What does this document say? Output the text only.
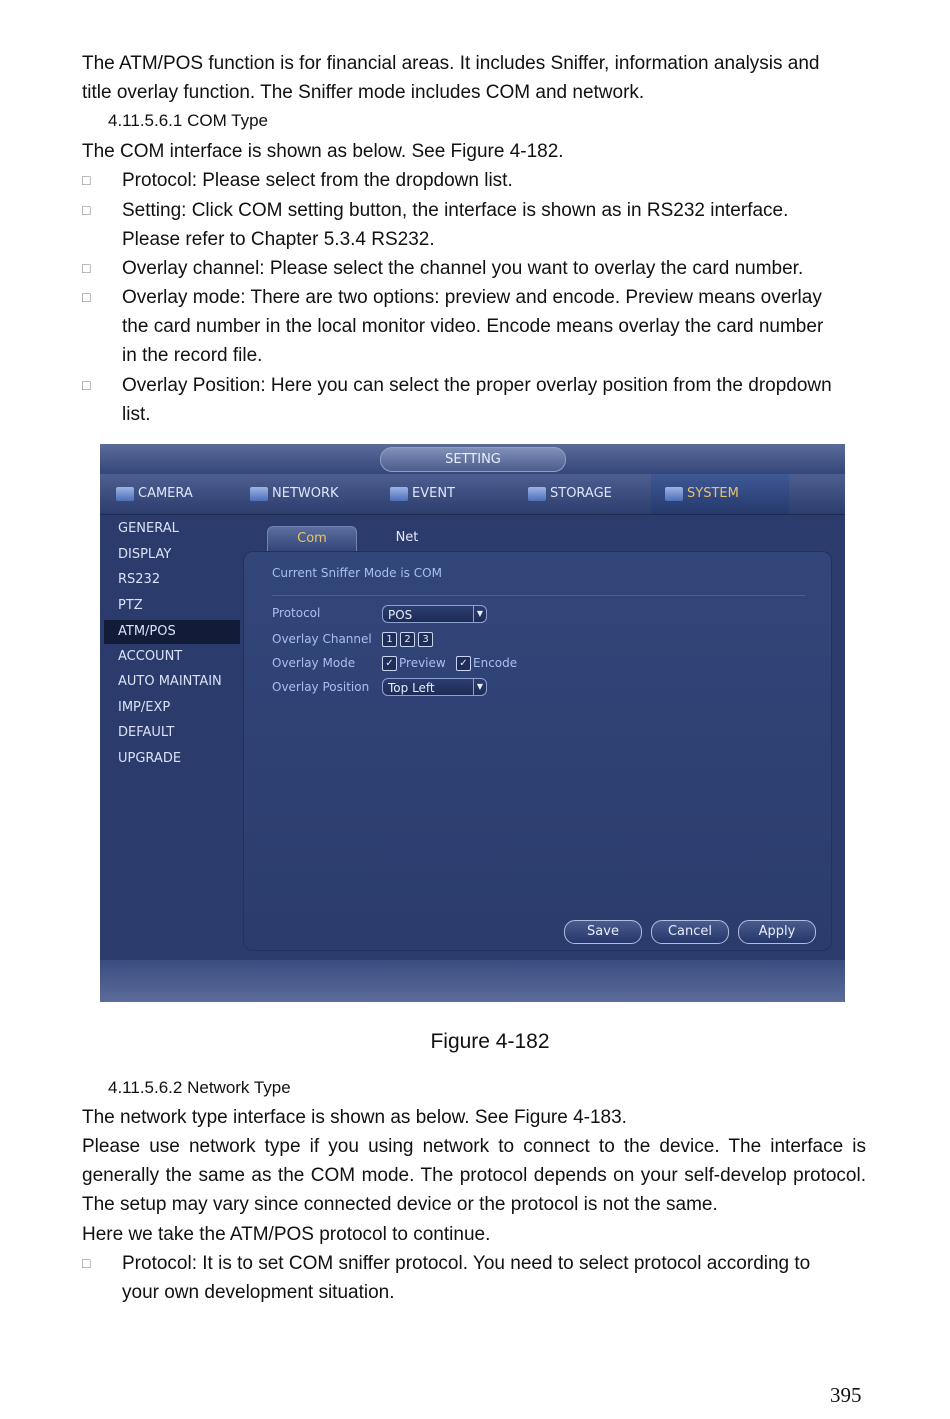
The ATM/POS function is for financial areas. It includes Sniffer, information analysis and
title overlay function. The Sniffer mode includes COM and network.
4.11.5.6.1 COM Type
The COM interface is shown as below. See Figure 4-182.
□ Protocol: Please select from the dropdown list.
□ Setting: Click COM setting button, the interface is shown as in RS232 interface.
Please refer to Chapter 5.3.4 RS232.
□ Overlay channel: Please select the channel you want to overlay the card number.
□ Overlay mode: There are two options: preview and encode. Preview means overlay
the card number in the local monitor video. Encode means overlay the card number
in the record file.
□ Overlay Position: Here you can select the proper overlay position from the dropdown
list.
SETTING
CAMERA	NETWORK	EVENT	STORAGE	SYSTEM
GENERAL
DISPLAY
RS232
PTZ
ATM/POS
ACCOUNT
AUTO MAINTAIN
IMP/EXP
DEFAULT
UPGRADE
Com	Net
Current Sniffer Mode is COM
Protocol	POS	▼
Overlay Channel	1	2	3
Overlay Mode	✓ Preview	✓ Encode
Overlay Position	Top Left	▼
Save	Cancel	Apply
Figure 4-182
4.11.5.6.2 Network Type
The network type interface is shown as below. See Figure 4-183.
Please use network type if you using network to connect to the device. The interface is generally the same as the COM mode. The protocol depends on your self-develop protocol. The setup may vary since connected device or the protocol is not the same.
Here we take the ATM/POS protocol to continue.
□ Protocol: It is to set COM sniffer protocol. You need to select protocol according to
your own development situation.
395
